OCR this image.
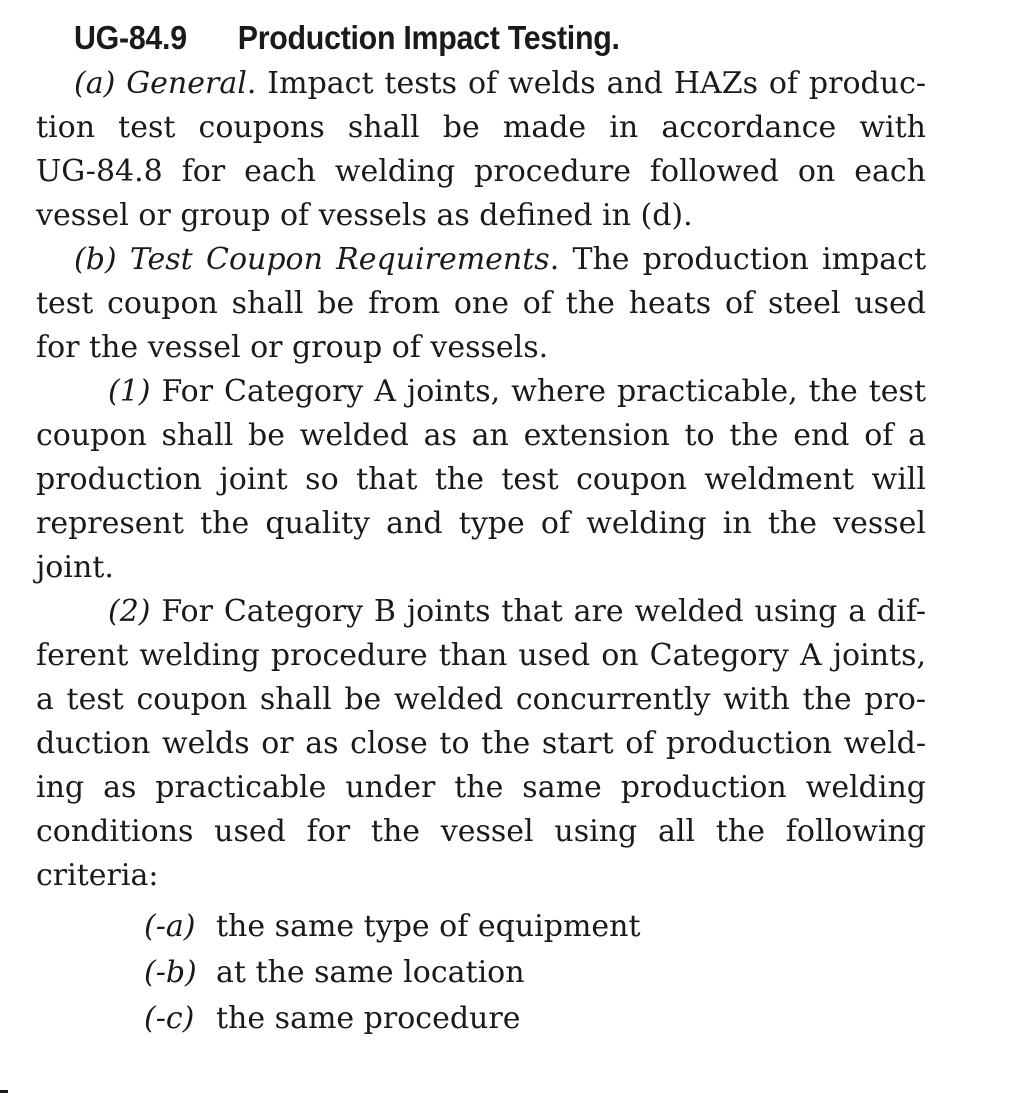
UG-84.9 Production Impact Testing.
(a) General. Impact tests of welds and HAZs of produc-
tion test coupons shall be made in accordance with
UG-84.8 for each welding procedure followed on each
vessel or group of vessels as defined in (d).
(b) Test Coupon Requirements. The production impact
test coupon shall be from one of the heats of steel used
for the vessel or group of vessels.
(1) For Category A joints, where practicable, the test
coupon shall be welded as an extension to the end of a
production joint so that the test coupon weldment will
represent the quality and type of welding in the vessel
joint.
(2) For Category B joints that are welded using a dif-
ferent welding procedure than used on Category A joints,
a test coupon shall be welded concurrently with the pro-
duction welds or as close to the start of production weld-
ing as practicable under the same production welding
conditions used for the vessel using all the following
criteria:
(-a) the same type of equipment
(-b) at the same location
(-c) the same procedure
